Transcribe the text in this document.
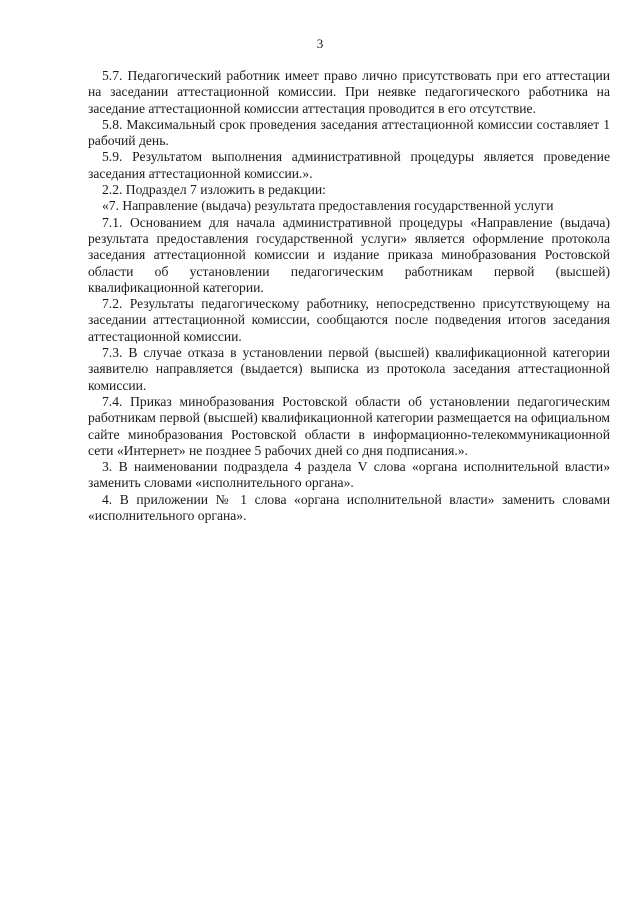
3

5.7. Педагогический работник имеет право лично присутствовать при его аттестации на заседании аттестационной комиссии. При неявке педагогического работника на заседание аттестационной комиссии аттестация проводится в его отсутствие.

5.8. Максимальный срок проведения заседания аттестационной комиссии составляет 1 рабочий день.

5.9. Результатом выполнения административной процедуры является проведение заседания аттестационной комиссии.».

2.2. Подраздел 7 изложить в редакции:

«7. Направление (выдача) результата предоставления государственной услуги

7.1. Основанием для начала административной процедуры «Направление (выдача) результата предоставления государственной услуги» является оформление протокола заседания аттестационной комиссии и издание приказа минобразования Ростовской области об установлении педагогическим работникам первой (высшей) квалификационной категории.

7.2. Результаты педагогическому работнику, непосредственно присутствующему на заседании аттестационной комиссии, сообщаются после подведения итогов заседания аттестационной комиссии.

7.3. В случае отказа в установлении первой (высшей) квалификационной категории заявителю направляется (выдается) выписка из протокола заседания аттестационной комиссии.

7.4. Приказ минобразования Ростовской области об установлении педагогическим работникам первой (высшей) квалификационной категории размещается на официальном сайте минобразования Ростовской области в информационно-телекоммуникационной сети «Интернет» не позднее 5 рабочих дней со дня подписания.».

3. В наименовании подраздела 4 раздела V слова «органа исполнительной власти» заменить словами «исполнительного органа».

4. В приложении № 1 слова «органа исполнительной власти» заменить словами «исполнительного органа».
